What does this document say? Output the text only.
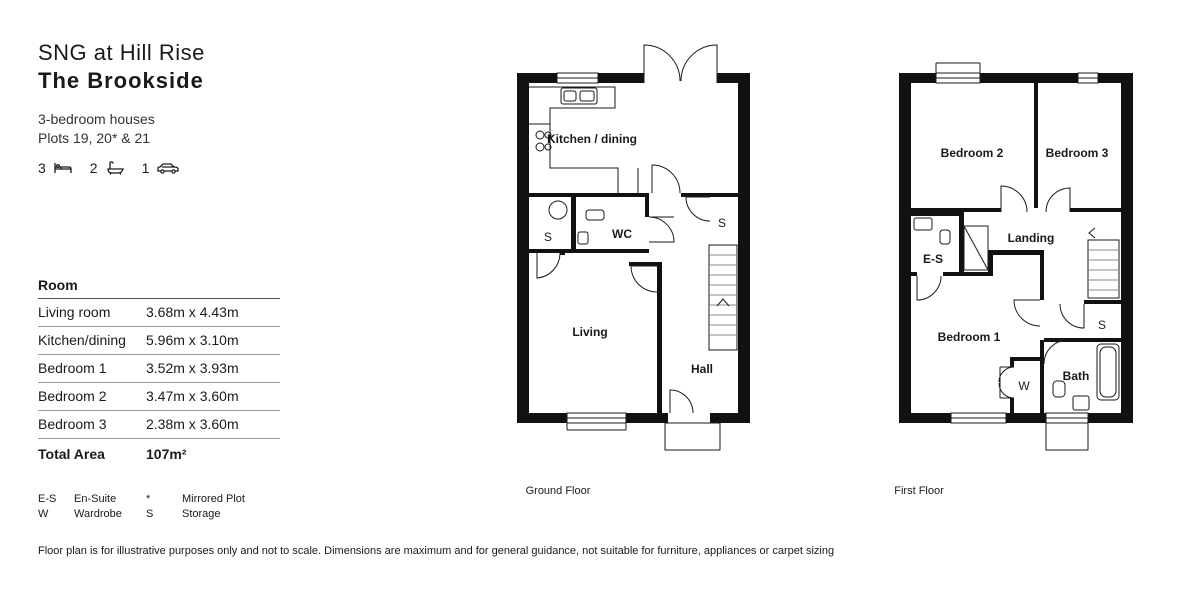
SNG at Hill Rise
The Brookside
3-bedroom houses
Plots 19, 20* & 21
3	2	1
Room
Living room	3.68m x 4.43m
Kitchen/dining	5.96m x 3.10m
Bedroom 1	3.52m x 3.93m
Bedroom 2	3.47m x 3.60m
Bedroom 3	2.38m x 3.60m
Total Area	107m²
E-S	En-Suite	*	Mirrored Plot
W	Wardrobe	S	Storage
Kitchen / dining
S	WC
S
Living
Hall
Ground Floor
Bedroom 2	Bedroom 3
Landing
E-S
Bedroom 1
S
W
Bath
First Floor
Floor plan is for illustrative purposes only and not to scale. Dimensions are maximum and for general guidance, not suitable for furniture, appliances or carpet sizing
